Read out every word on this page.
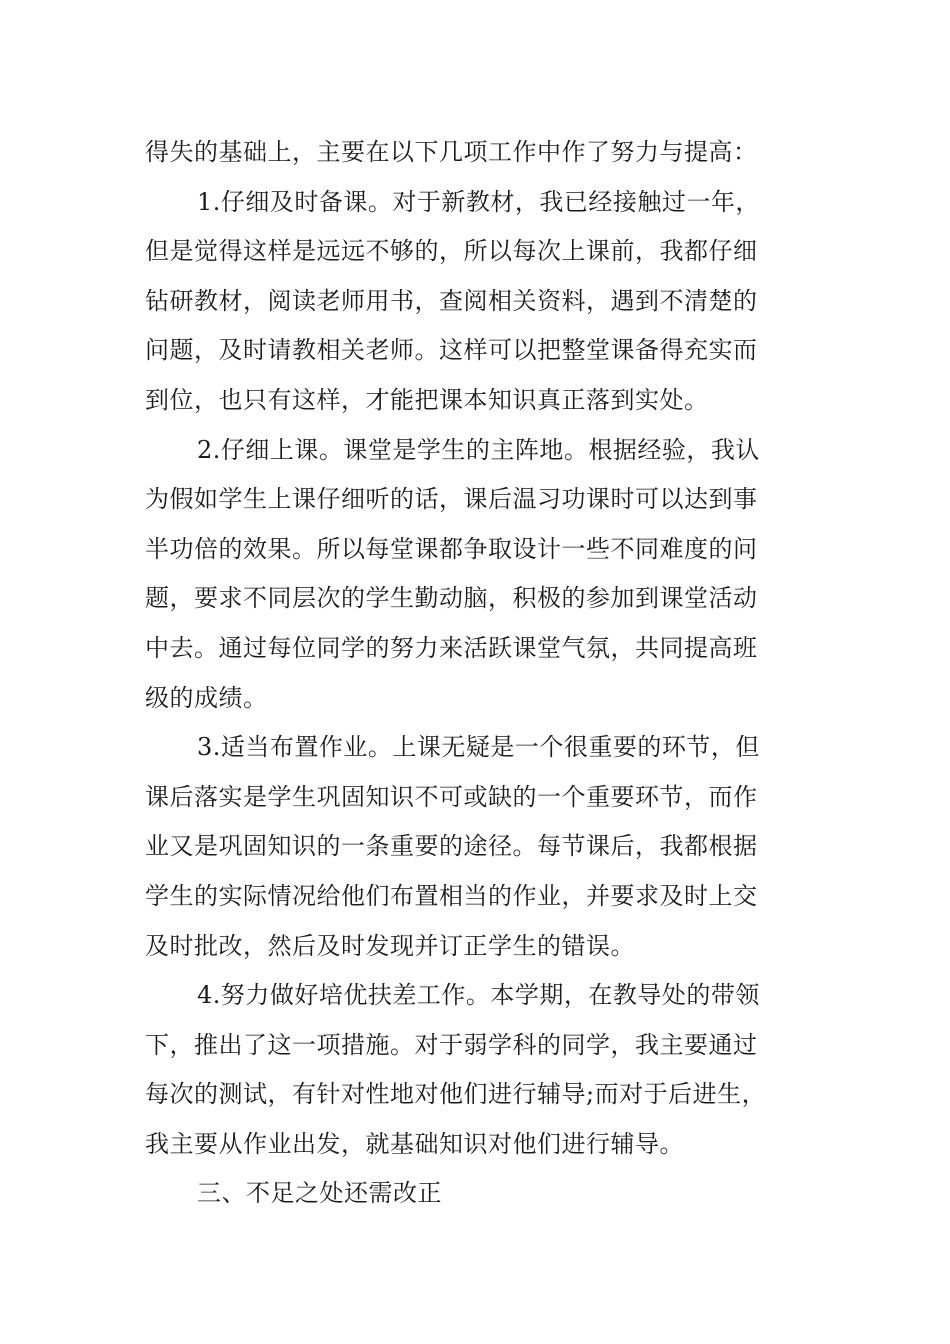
得失的基础上，主要在以下几项工作中作了努力与提高：
1.仔细及时备课。对于新教材，我已经接触过一年，
但是觉得这样是远远不够的，所以每次上课前，我都仔细
钻研教材，阅读老师用书，查阅相关资料，遇到不清楚的
问题，及时请教相关老师。这样可以把整堂课备得充实而
到位，也只有这样，才能把课本知识真正落到实处。
2.仔细上课。课堂是学生的主阵地。根据经验，我认
为假如学生上课仔细听的话，课后温习功课时可以达到事
半功倍的效果。所以每堂课都争取设计一些不同难度的问
题，要求不同层次的学生勤动脑，积极的参加到课堂活动
中去。通过每位同学的努力来活跃课堂气氛，共同提高班
级的成绩。
3.适当布置作业。上课无疑是一个很重要的环节，但
课后落实是学生巩固知识不可或缺的一个重要环节，而作
业又是巩固知识的一条重要的途径。每节课后，我都根据
学生的实际情况给他们布置相当的作业，并要求及时上交
及时批改，然后及时发现并订正学生的错误。
4.努力做好培优扶差工作。本学期，在教导处的带领
下，推出了这一项措施。对于弱学科的同学，我主要通过
每次的测试，有针对性地对他们进行辅导;而对于后进生，
我主要从作业出发，就基础知识对他们进行辅导。
三、不足之处还需改正
